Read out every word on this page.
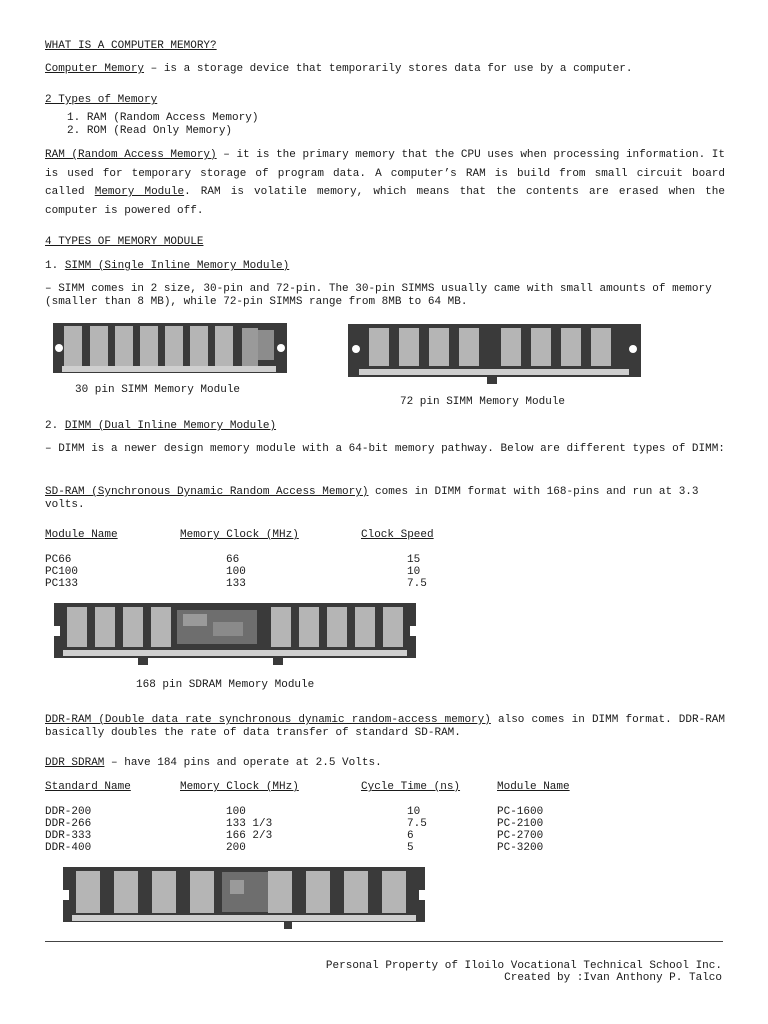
WHAT IS A COMPUTER MEMORY?
Computer Memory – is a storage device that temporarily stores data for use by a computer.
2 Types of Memory
1. RAM (Random Access Memory)
2. ROM (Read Only Memory)
RAM (Random Access Memory) – it is the primary memory that the CPU uses when processing information. It is used for temporary storage of program data. A computer’s RAM is build from small circuit board called Memory Module. RAM is volatile memory, which means that the contents are erased when the computer is powered off.
4 TYPES OF MEMORY MODULE
1. SIMM (Single Inline Memory Module)
– SIMM comes in 2 size, 30-pin and 72-pin. The 30-pin SIMMS usually came with small amounts of memory (smaller than 8 MB), while 72-pin SIMMS range from 8MB to 64 MB.
30 pin SIMM Memory Module
72 pin SIMM Memory Module
2. DIMM (Dual Inline Memory Module)
– DIMM is a newer design memory module with a 64-bit memory pathway. Below are different types of DIMM:
SD-RAM (Synchronous Dynamic Random Access Memory) comes in DIMM format with 168-pins and run at 3.3 volts.
Module Name	Memory Clock (MHz)	Clock Speed
PC66	66	15
PC100	100	10
PC133	133	7.5
168 pin SDRAM Memory Module
DDR-RAM (Double data rate synchronous dynamic random-access memory) also comes in DIMM format. DDR-RAM basically doubles the rate of data transfer of standard SD-RAM.
DDR SDRAM – have 184 pins and operate at 2.5 Volts.
Standard Name	Memory Clock (MHz)	Cycle Time (ns)	Module Name
DDR-200	100	10	PC-1600
DDR-266	133 1/3	7.5	PC-2100
DDR-333	166 2/3	6	PC-2700
DDR-400	200	5	PC-3200
Personal Property of Iloilo Vocational Technical School Inc.
Created by :Ivan Anthony P. Talco
